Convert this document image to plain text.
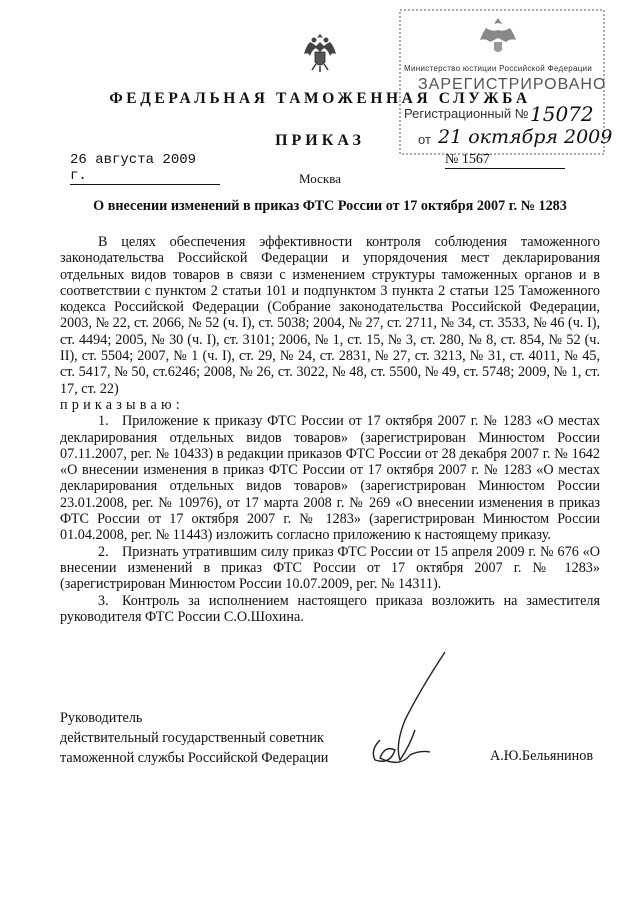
Министерство юстиции Российской Федерации
ЗАРЕГИСТРИРОВАНО
Регистрационный № 15072
от 21 октября 2009
ФЕДЕРАЛЬНАЯ ТАМОЖЕННАЯ СЛУЖБА
ПРИКАЗ
26 августа 2009 г.
№ 1567
Москва
О внесении изменений в приказ ФТС России от 17 октября 2007 г. № 1283

В целях обеспечения эффективности контроля соблюдения таможенного законодательства Российской Федерации и упорядочения мест декларирования отдельных видов товаров в связи с изменением структуры таможенных органов и в соответствии с пунктом 2 статьи 101 и подпунктом 3 пункта 2 статьи 125 Таможенного кодекса Российской Федерации (Собрание законодательства Российской Федерации, 2003, № 22, ст. 2066, № 52 (ч. I), ст. 5038; 2004, № 27, ст. 2711, № 34, ст. 3533, № 46 (ч. I), ст. 4494; 2005, № 30 (ч. I), ст. 3101; 2006, № 1, ст. 15, № 3, ст. 280, № 8, ст. 854, № 52 (ч. II), ст. 5504; 2007, № 1 (ч. I), ст. 29, № 24, ст. 2831, № 27, ст. 3213, № 31, ст. 4011, № 45, ст. 5417, № 50, ст.6246; 2008, № 26, ст. 3022, № 48, ст. 5500, № 49, ст. 5748; 2009, № 1, ст. 17, ст. 22)

приказываю:

1. Приложение к приказу ФТС России от 17 октября 2007 г. № 1283 «О местах декларирования отдельных видов товаров» (зарегистрирован Минюстом России 07.11.2007, рег. № 10433) в редакции приказов ФТС России от 28 декабря 2007 г. № 1642 «О внесении изменения в приказ ФТС России от 17 октября 2007 г. № 1283 «О местах декларирования отдельных видов товаров» (зарегистрирован Минюстом России 23.01.2008, рег. № 10976), от 17 марта 2008 г. № 269 «О внесении изменения в приказ ФТС России от 17 октября 2007 г. № 1283» (зарегистрирован Минюстом России 01.04.2008, рег. № 11443) изложить согласно приложению к настоящему приказу.

2. Признать утратившим силу приказ ФТС России от 15 апреля 2009 г. № 676 «О внесении изменений в приказ ФТС России от 17 октября 2007 г. № 1283» (зарегистрирован Минюстом России 10.07.2009, рег. № 14311).

3. Контроль за исполнением настоящего приказа возложить на заместителя руководителя ФТС России С.О.Шохина.

Руководитель
действительный государственный советник
таможенной службы Российской Федерации	А.Ю.Бельянинов
